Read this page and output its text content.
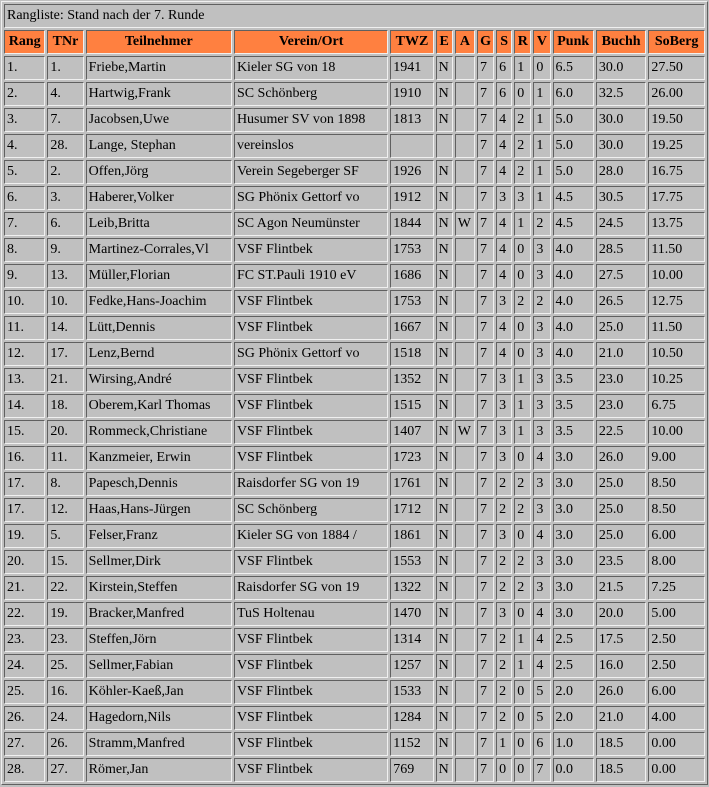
Rangliste: Stand nach der 7. Runde													
Rang	TNr	Teilnehmer	Verein/Ort	TWZ	E	A	G	S	R	V	Punk	Buchh	SoBerg
1.	1.	Friebe,Martin	Kieler SG von 18	1941	N		7	6	1	0	6.5	30.0	27.50
2.	4.	Hartwig,Frank	SC Schönberg	1910	N		7	6	0	1	6.0	32.5	26.00
3.	7.	Jacobsen,Uwe	Husumer SV von 1898	1813	N		7	4	2	1	5.0	30.0	19.50
4.	28.	Lange, Stephan	vereinslos				7	4	2	1	5.0	30.0	19.25
5.	2.	Offen,Jörg	Verein Segeberger SF	1926	N		7	4	2	1	5.0	28.0	16.75
6.	3.	Haberer,Volker	SG Phönix Gettorf vo	1912	N		7	3	3	1	4.5	30.5	17.75
7.	6.	Leib,Britta	SC Agon Neumünster	1844	N	W	7	4	1	2	4.5	24.5	13.75
8.	9.	Martinez-Corrales,Vl	VSF Flintbek	1753	N		7	4	0	3	4.0	28.5	11.50
9.	13.	Müller,Florian	FC ST.Pauli 1910 eV	1686	N		7	4	0	3	4.0	27.5	10.00
10.	10.	Fedke,Hans-Joachim	VSF Flintbek	1753	N		7	3	2	2	4.0	26.5	12.75
11.	14.	Lütt,Dennis	VSF Flintbek	1667	N		7	4	0	3	4.0	25.0	11.50
12.	17.	Lenz,Bernd	SG Phönix Gettorf vo	1518	N		7	4	0	3	4.0	21.0	10.50
13.	21.	Wirsing,André	VSF Flintbek	1352	N		7	3	1	3	3.5	23.0	10.25
14.	18.	Oberem,Karl Thomas	VSF Flintbek	1515	N		7	3	1	3	3.5	23.0	6.75
15.	20.	Rommeck,Christiane	VSF Flintbek	1407	N	W	7	3	1	3	3.5	22.5	10.00
16.	11.	Kanzmeier, Erwin	VSF Flintbek	1723	N		7	3	0	4	3.0	26.0	9.00
17.	8.	Papesch,Dennis	Raisdorfer SG von 19	1761	N		7	2	2	3	3.0	25.0	8.50
17.	12.	Haas,Hans-Jürgen	SC Schönberg	1712	N		7	2	2	3	3.0	25.0	8.50
19.	5.	Felser,Franz	Kieler SG von 1884 /	1861	N		7	3	0	4	3.0	25.0	6.00
20.	15.	Sellmer,Dirk	VSF Flintbek	1553	N		7	2	2	3	3.0	23.5	8.00
21.	22.	Kirstein,Steffen	Raisdorfer SG von 19	1322	N		7	2	2	3	3.0	21.5	7.25
22.	19.	Bracker,Manfred	TuS Holtenau	1470	N		7	3	0	4	3.0	20.0	5.00
23.	23.	Steffen,Jörn	VSF Flintbek	1314	N		7	2	1	4	2.5	17.5	2.50
24.	25.	Sellmer,Fabian	VSF Flintbek	1257	N		7	2	1	4	2.5	16.0	2.50
25.	16.	Köhler-Kaeß,Jan	VSF Flintbek	1533	N		7	2	0	5	2.0	26.0	6.00
26.	24.	Hagedorn,Nils	VSF Flintbek	1284	N		7	2	0	5	2.0	21.0	4.00
27.	26.	Stramm,Manfred	VSF Flintbek	1152	N		7	1	0	6	1.0	18.5	0.00
28.	27.	Römer,Jan	VSF Flintbek	769	N		7	0	0	7	0.0	18.5	0.00
